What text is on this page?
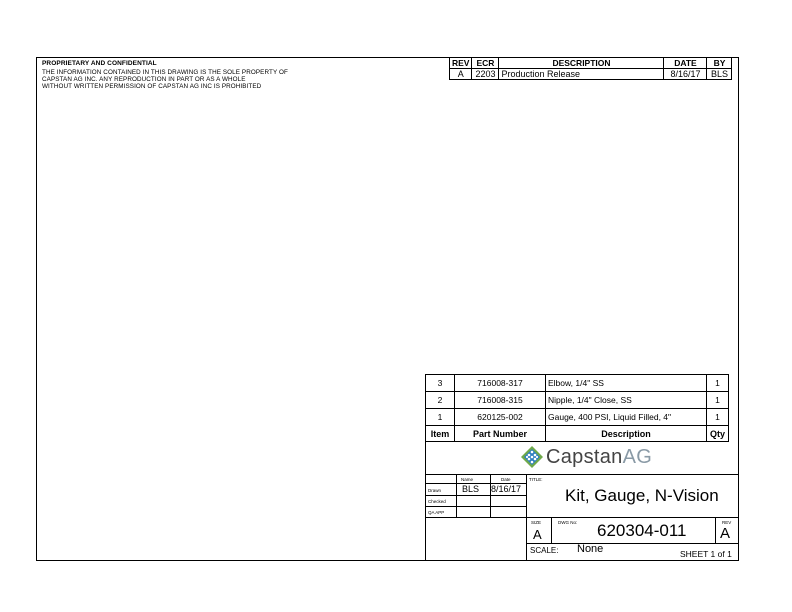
PROPRIETARY AND CONFIDENTIAL
THE INFORMATION CONTAINED IN THIS DRAWING IS THE SOLE PROPERTY OF
CAPSTAN AG INC. ANY REPRODUCTION IN PART OR AS A WHOLE
WITHOUT WRITTEN PERMISSION OF CAPSTAN AG INC IS PROHIBITED
REV	ECR	DESCRIPTION	DATE	BY
A	2203	Production Release	8/16/17	BLS
3	716008-317	Elbow, 1/4" SS	1
2	716008-315	Nipple, 1/4" Close, SS	1
1	620125-002	Gauge, 400 PSI, Liquid Filled, 4"	1
Item	Part Number	Description	Qty
CapstanAG
Name	Date
Drawn BLS 8/16/17
Checked
QA APP
TITLE:
Kit, Gauge, N-Vision
SIZE
A
DWG No: 620304-011	REV
A
SCALE: None	SHEET 1 of 1
